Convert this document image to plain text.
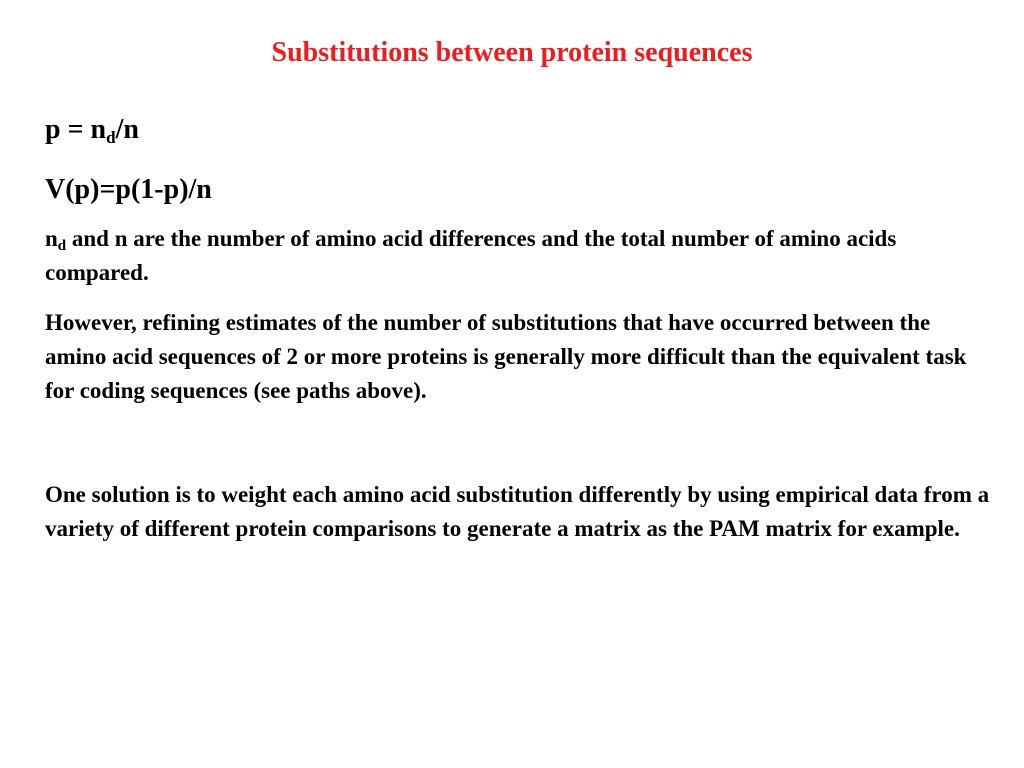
Substitutions between protein sequences

$p = n_d/n$

V(p)=p(1-p)/n

$n_d$ and n are the number of amino acid differences and the total number of amino acids compared.

However, refining estimates of the number of substitutions that have occurred between the amino acid sequences of 2 or more proteins is generally more difficult than the equivalent task for coding sequences (see paths above).

One solution is to weight each amino acid substitution differently by using empirical data from a variety of different protein comparisons to generate a matrix as the PAM matrix for example.
